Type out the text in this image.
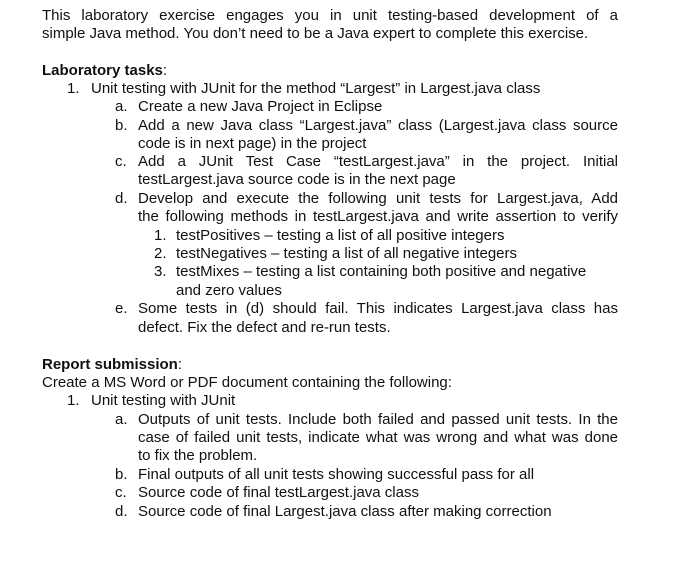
This laboratory exercise engages you in unit testing-based development of a
simple Java method. You don’t need to be a Java expert to complete this exercise.
Laboratory tasks:
1. Unit testing with JUnit for the method “Largest” in Largest.java class
a. Create a new Java Project in Eclipse
b. Add a new Java class “Largest.java” class (Largest.java class source
code is in next page) in the project
c. Add a JUnit Test Case “testLargest.java” in the project. Initial
testLargest.java source code is in the next page
d. Develop and execute the following unit tests for Largest.java, Add
the following methods in testLargest.java and write assertion to verify
1. testPositives – testing a list of all positive integers
2. testNegatives – testing a list of all negative integers
3. testMixes – testing a list containing both positive and negative
and zero values
e. Some tests in (d) should fail. This indicates Largest.java class has
defect. Fix the defect and re-run tests.
Report submission:
Create a MS Word or PDF document containing the following:
1. Unit testing with JUnit
a. Outputs of unit tests. Include both failed and passed unit tests. In the
case of failed unit tests, indicate what was wrong and what was done
to fix the problem.
b. Final outputs of all unit tests showing successful pass for all
c. Source code of final testLargest.java class
d. Source code of final Largest.java class after making correction
